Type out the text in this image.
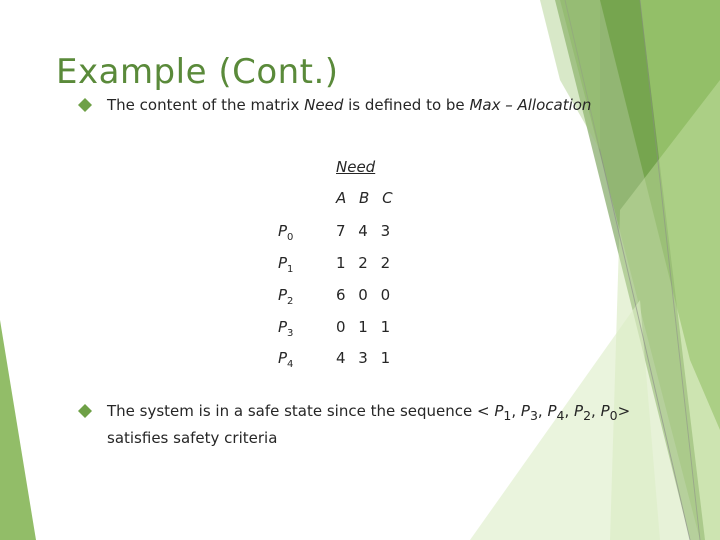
Example (Cont.)
The content of the matrix Need is defined to be Max – Allocation
Need
A B C
$P_0$	7 4 3
$P_1$	1 2 2
$P_2$	6 0 0
$P_3$	0 1 1
$P_4$	4 3 1
The system is in a safe state since the sequence < $P_1$, $P_3$, $P_4$, $P_2$, $P_0>$
satisfies safety criteria
